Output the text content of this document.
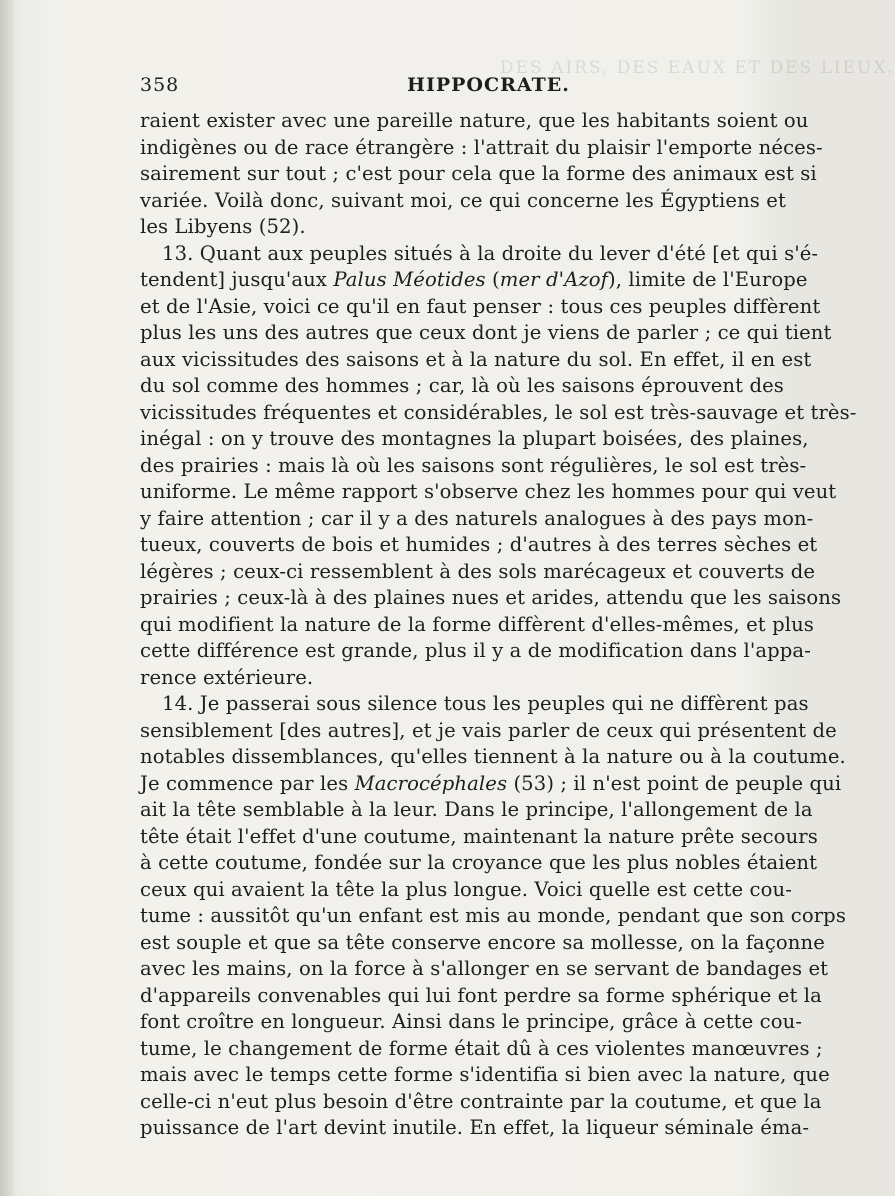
DES AIRS, DES EAUX ET DES LIEUX.
358	HIPPOCRATE.
raient exister avec une pareille nature, que les habitants soient ou
indigènes ou de race étrangère : l'attrait du plaisir l'emporte néces-
sairement sur tout ; c'est pour cela que la forme des animaux est si
variée. Voilà donc, suivant moi, ce qui concerne les Égyptiens et
les Libyens (52).
13. Quant aux peuples situés à la droite du lever d'été [et qui s'é-
tendent] jusqu'aux Palus Méotides (mer d'Azof), limite de l'Europe
et de l'Asie, voici ce qu'il en faut penser : tous ces peuples diffèrent
plus les uns des autres que ceux dont je viens de parler ; ce qui tient
aux vicissitudes des saisons et à la nature du sol. En effet, il en est
du sol comme des hommes ; car, là où les saisons éprouvent des
vicissitudes fréquentes et considérables, le sol est très-sauvage et très-
inégal : on y trouve des montagnes la plupart boisées, des plaines,
des prairies : mais là où les saisons sont régulières, le sol est très-
uniforme. Le même rapport s'observe chez les hommes pour qui veut
y faire attention ; car il y a des naturels analogues à des pays mon-
tueux, couverts de bois et humides ; d'autres à des terres sèches et
légères ; ceux-ci ressemblent à des sols marécageux et couverts de
prairies ; ceux-là à des plaines nues et arides, attendu que les saisons
qui modifient la nature de la forme diffèrent d'elles-mêmes, et plus
cette différence est grande, plus il y a de modification dans l'appa-
rence extérieure.
14. Je passerai sous silence tous les peuples qui ne diffèrent pas
sensiblement [des autres], et je vais parler de ceux qui présentent de
notables dissemblances, qu'elles tiennent à la nature ou à la coutume.
Je commence par les Macrocéphales (53) ; il n'est point de peuple qui
ait la tête semblable à la leur. Dans le principe, l'allongement de la
tête était l'effet d'une coutume, maintenant la nature prête secours
à cette coutume, fondée sur la croyance que les plus nobles étaient
ceux qui avaient la tête la plus longue. Voici quelle est cette cou-
tume : aussitôt qu'un enfant est mis au monde, pendant que son corps
est souple et que sa tête conserve encore sa mollesse, on la façonne
avec les mains, on la force à s'allonger en se servant de bandages et
d'appareils convenables qui lui font perdre sa forme sphérique et la
font croître en longueur. Ainsi dans le principe, grâce à cette cou-
tume, le changement de forme était dû à ces violentes manœuvres ;
mais avec le temps cette forme s'identifia si bien avec la nature, que
celle-ci n'eut plus besoin d'être contrainte par la coutume, et que la
puissance de l'art devint inutile. En effet, la liqueur séminale éma-
